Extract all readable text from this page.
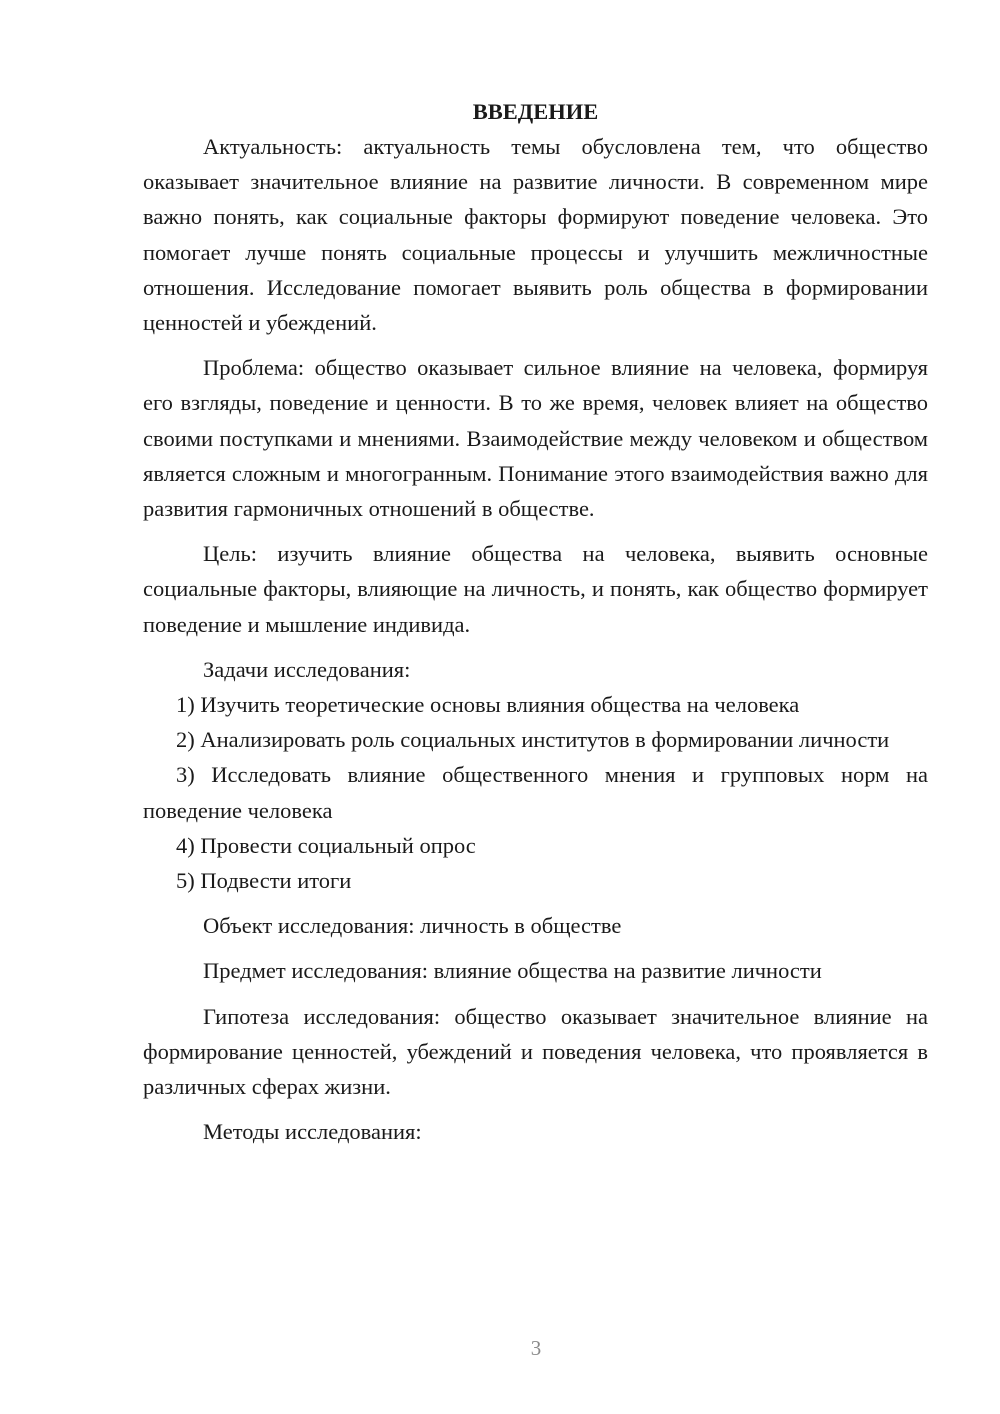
ВВЕДЕНИЕ

Актуальность: актуальность темы обусловлена тем, что общество оказывает значительное влияние на развитие личности. В современном мире важно понять, как социальные факторы формируют поведение человека. Это помогает лучше понять социальные процессы и улучшить межличностные отношения. Исследование помогает выявить роль общества в формировании ценностей и убеждений.

Проблема: общество оказывает сильное влияние на человека, формируя его взгляды, поведение и ценности. В то же время, человек влияет на общество своими поступками и мнениями. Взаимодействие между человеком и обществом является сложным и многогранным. Понимание этого взаимодействия важно для развития гармоничных отношений в обществе.

Цель: изучить влияние общества на человека, выявить основные социальные факторы, влияющие на личность, и понять, как общество формирует поведение и мышление индивида.

Задачи исследования:

1) Изучить теоретические основы влияния общества на человека

2) Анализировать роль социальных институтов в формировании личности

3) Исследовать влияние общественного мнения и групповых норм на поведение человека

4) Провести социальный опрос

5) Подвести итоги

Объект исследования: личность в обществе

Предмет исследования: влияние общества на развитие личности

Гипотеза исследования: общество оказывает значительное влияние на формирование ценностей, убеждений и поведения человека, что проявляется в различных сферах жизни.

Методы исследования:

3
